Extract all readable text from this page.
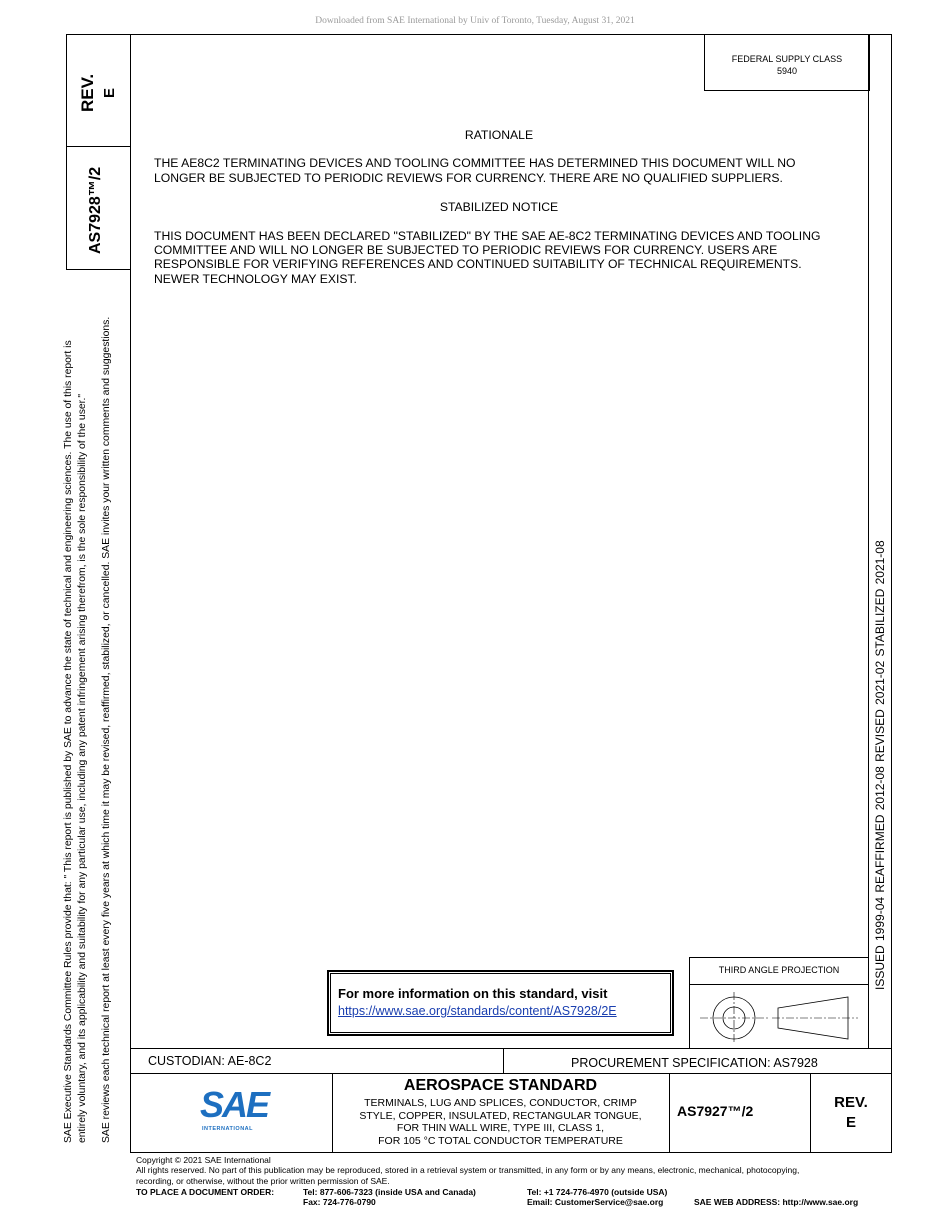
Downloaded from SAE International by Univ of Toronto, Tuesday, August 31, 2021
REV. E
AS7928™/2
SAE Executive Standards Committee Rules provide that: " This report is published by SAE to advance the state of technical and engineering sciences. The use of this report is entirely voluntary, and its applicability and suitability for any particular use, including any patent infringement arising therefrom, is the sole responsibility of the user." SAE reviews each technical report at least every five years at which time it may be revised, reaffirmed, stabilized, or cancelled. SAE invites your written comments and suggestions.	ISSUED 1999-04 REAFFIRMED 2012-08 REVISED 2021-02 STABILIZED 2021-08
FEDERAL SUPPLY CLASS
5940
RATIONALE
THE AE8C2 TERMINATING DEVICES AND TOOLING COMMITTEE HAS DETERMINED THIS DOCUMENT WILL NO
LONGER BE SUBJECTED TO PERIODIC REVIEWS FOR CURRENCY. THERE ARE NO QUALIFIED SUPPLIERS.
STABILIZED NOTICE
THIS DOCUMENT HAS BEEN DECLARED "STABILIZED" BY THE SAE AE-8C2 TERMINATING DEVICES AND TOOLING
COMMITTEE AND WILL NO LONGER BE SUBJECTED TO PERIODIC REVIEWS FOR CURRENCY. USERS ARE
RESPONSIBLE FOR VERIFYING REFERENCES AND CONTINUED SUITABILITY OF TECHNICAL REQUIREMENTS.
NEWER TECHNOLOGY MAY EXIST.
For more information on this standard, visit
https://www.sae.org/standards/content/AS7928/2E
THIRD ANGLE PROJECTION
CUSTODIAN: AE-8C2	PROCUREMENT SPECIFICATION: AS7928
SAE
INTERNATIONAL
AEROSPACE STANDARD
TERMINALS, LUG AND SPLICES, CONDUCTOR, CRIMP
STYLE, COPPER, INSULATED, RECTANGULAR TONGUE,
FOR THIN WALL WIRE, TYPE III, CLASS 1,
FOR 105 °C TOTAL CONDUCTOR TEMPERATURE
AS7927™/2	REV.
E
Copyright © 2021 SAE International
All rights reserved. No part of this publication may be reproduced, stored in a retrieval system or transmitted, in any form or by any means, electronic, mechanical, photocopying,
recording, or otherwise, without the prior written permission of SAE.
TO PLACE A DOCUMENT ORDER:	Tel: 877-606-7323 (inside USA and Canada)
Fax: 724-776-0790
Tel: +1 724-776-4970 (outside USA)
Email: CustomerService@sae.org	SAE WEB ADDRESS: http://www.sae.org
